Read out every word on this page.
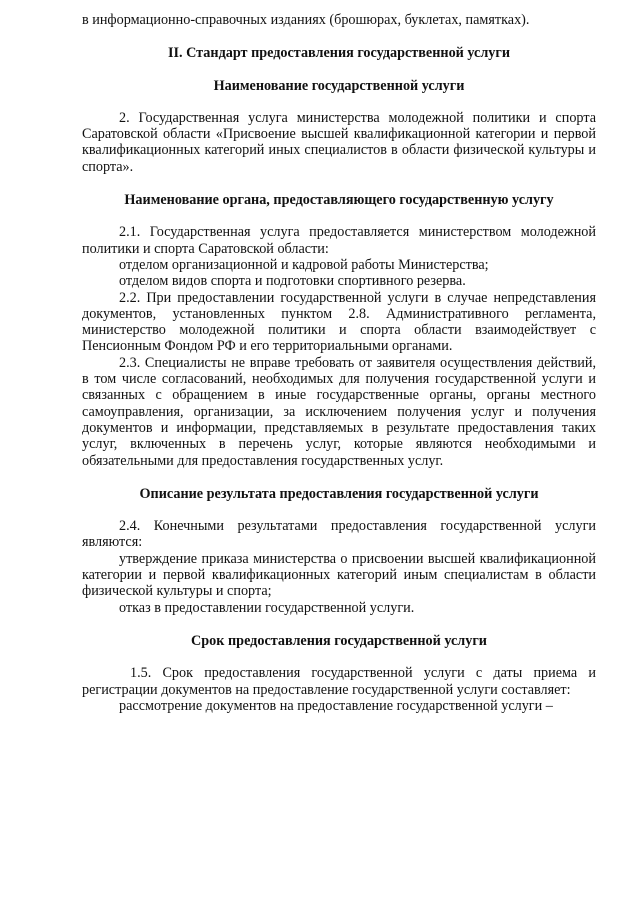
в информационно-справочных изданиях (брошюрах, буклетах, памятках).

II. Стандарт предоставления государственной услуги

Наименование государственной услуги

2. Государственная услуга министерства молодежной политики и спорта Саратовской области «Присвоение высшей квалификационной категории и первой квалификационных категорий иных специалистов в области физической культуры и спорта».

Наименование органа, предоставляющего государственную услугу

2.1. Государственная услуга предоставляется министерством молодежной политики и спорта Саратовской области:

отделом организационной и кадровой работы Министерства;

отделом видов спорта и подготовки спортивного резерва.

2.2. При предоставлении государственной услуги в случае непредставления документов, установленных пунктом 2.8. Административного регламента, министерство молодежной политики и спорта области взаимодействует с Пенсионным Фондом РФ и его территориальными органами.

2.3. Специалисты не вправе требовать от заявителя осуществления действий, в том числе согласований, необходимых для получения государственной услуги и связанных с обращением в иные государственные органы, органы местного самоуправления, организации, за исключением получения услуг и получения документов и информации, представляемых в результате предоставления таких услуг, включенных в перечень услуг, которые являются необходимыми и обязательными для предоставления государственных услуг.

Описание результата предоставления государственной услуги

2.4. Конечными результатами предоставления государственной услуги являются:

утверждение приказа министерства о присвоении высшей квалификационной категории и первой квалификационных категорий иным специалистам в области физической культуры и спорта;

отказ в предоставлении государственной услуги.

Срок предоставления государственной услуги

1.5. Срок предоставления государственной услуги с даты приема и регистрации документов на предоставление государственной услуги составляет:

рассмотрение документов на предоставление государственной услуги –
